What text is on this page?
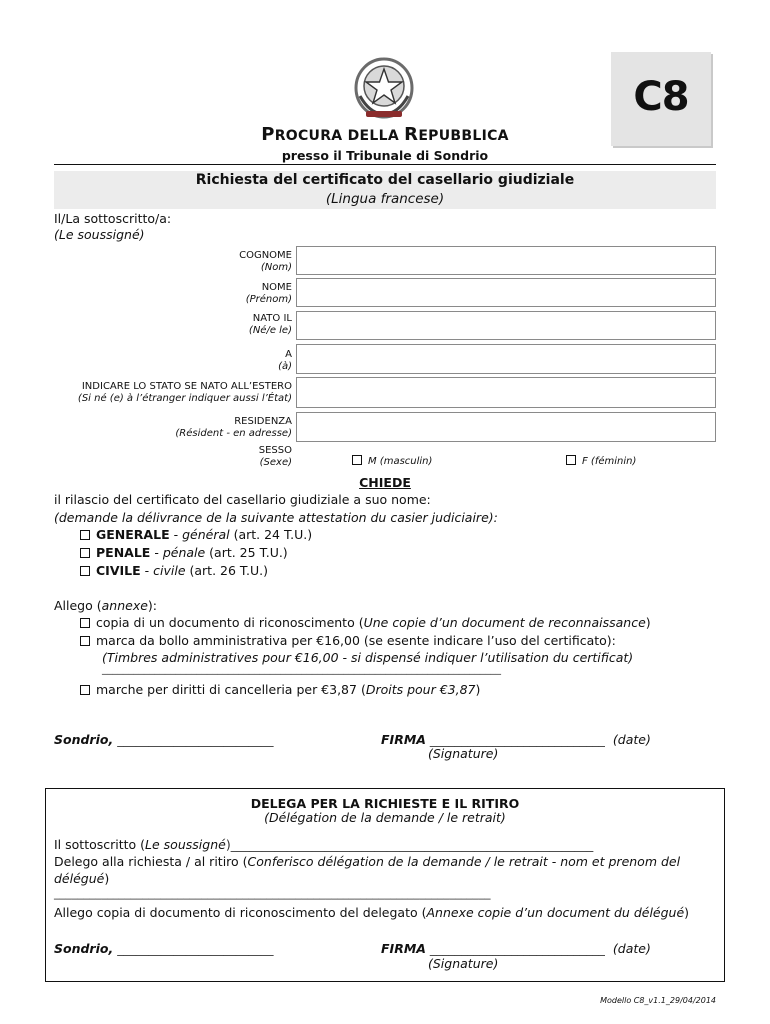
C8
PROCURA DELLA REPUBBLICA
presso il Tribunale di Sondrio
Richiesta del certificato del casellario giudiziale
(Lingua francese)
Il/La sottoscritto/a:
(Le soussigné)
COGNOME
(Nom)
NOME
(Prénom)
NATO IL
(Né/e le)
A
(à)
INDICARE LO STATO SE NATO ALL’ESTERO
(Si né (e) à l’étranger indiquer aussi l’État)
RESIDENZA
(Résident - en adresse)
SESSO
(Sexe)	M (masculin)	F (féminin)
CHIEDE
il rilascio del certificato del casellario giudiziale a suo nome:
(demande la délivrance de la suivante attestation du casier judiciaire):
GENERALE - général (art. 24 T.U.)
PENALE - pénale (art. 25 T.U.)
CIVILE - civile (art. 26 T.U.)
Allego (annexe):
copia di un documento di riconoscimento (Une copie d’un document de reconnaissance)
marca da bollo amministrativa per €16,00 (se esente indicare l’uso del certificato):
(Timbres administratives pour €16,00 - si dispensé indiquer l’utilisation du certificat)
____________________________________________________________________________
marche per diritti di cancelleria per €3,87 (Droits pour €3,87)
Sondrio, _________________________	FIRMA ____________________________ (date)
(Signature)
DELEGA PER LA RICHIESTE E IL RITIRO
(Délégation de la demande / le retrait)
Il sottoscritto (Le soussigné)__________________________________________________________
Delego alla richiesta / al ritiro (Conferisco délégation de la demande / le retrait - nom et prenom del
délégué)
__________________________________________________________________________
Allego copia di documento di riconoscimento del delegato (Annexe copie d’un document du délégué)
Sondrio, _________________________	FIRMA ____________________________ (date)
(Signature)
Modello C8_v1.1_29/04/2014
